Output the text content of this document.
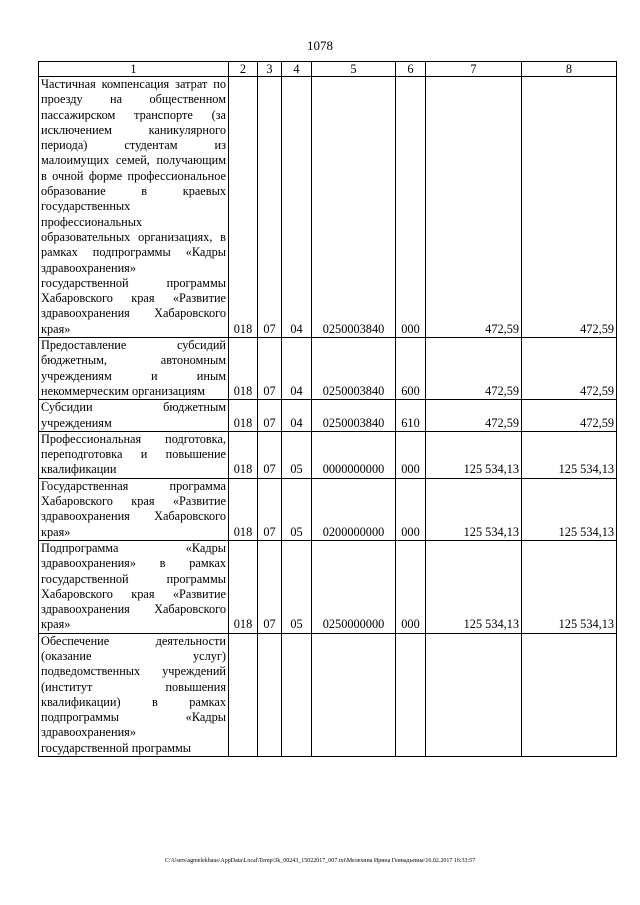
1078
1	2	3	4	5	6	7	8
Частичная компенсация затрат по проезду на общественном пассажирском транспорте (за исключением каникулярного периода) студентам из малоимущих семей, получающим в очной форме профессиональное образование в краевых государственных профессиональных образовательных организациях, в рамках подпрограммы «Кадры здравоохранения» государственной программы Хабаровского края «Развитие здравоохранения Хабаровского края»	018	07	04	0250003840	000	472,59	472,59
Предоставление субсидий бюджетным, автономным учреждениям и иным некоммерческим организациям	018	07	04	0250003840	600	472,59	472,59
Субсидии бюджетным учреждениям	018	07	04	0250003840	610	472,59	472,59
Профессиональная подготовка, переподготовка и повышение квалификации	018	07	05	0000000000	000	125 534,13	125 534,13
Государственная программа Хабаровского края «Развитие здравоохранения Хабаровского края»	018	07	05	0200000000	000	125 534,13	125 534,13
Подпрограмма «Кадры здравоохранения» в рамках государственной программы Хабаровского края «Развитие здравоохранения Хабаровского края»	018	07	05	0250000000	000	125 534,13	125 534,13
Обеспечение деятельности (оказание услуг) подведомственных учреждений (институт повышения квалификации) в рамках подпрограммы «Кадры здравоохранения» государственной программы							
C:\Users\agmelekhaus\AppData\Local\Temp\3k_00243_15022017_007.txt\Мелехина Ирина Геннадьевна\16.02.2017 16:33:57
